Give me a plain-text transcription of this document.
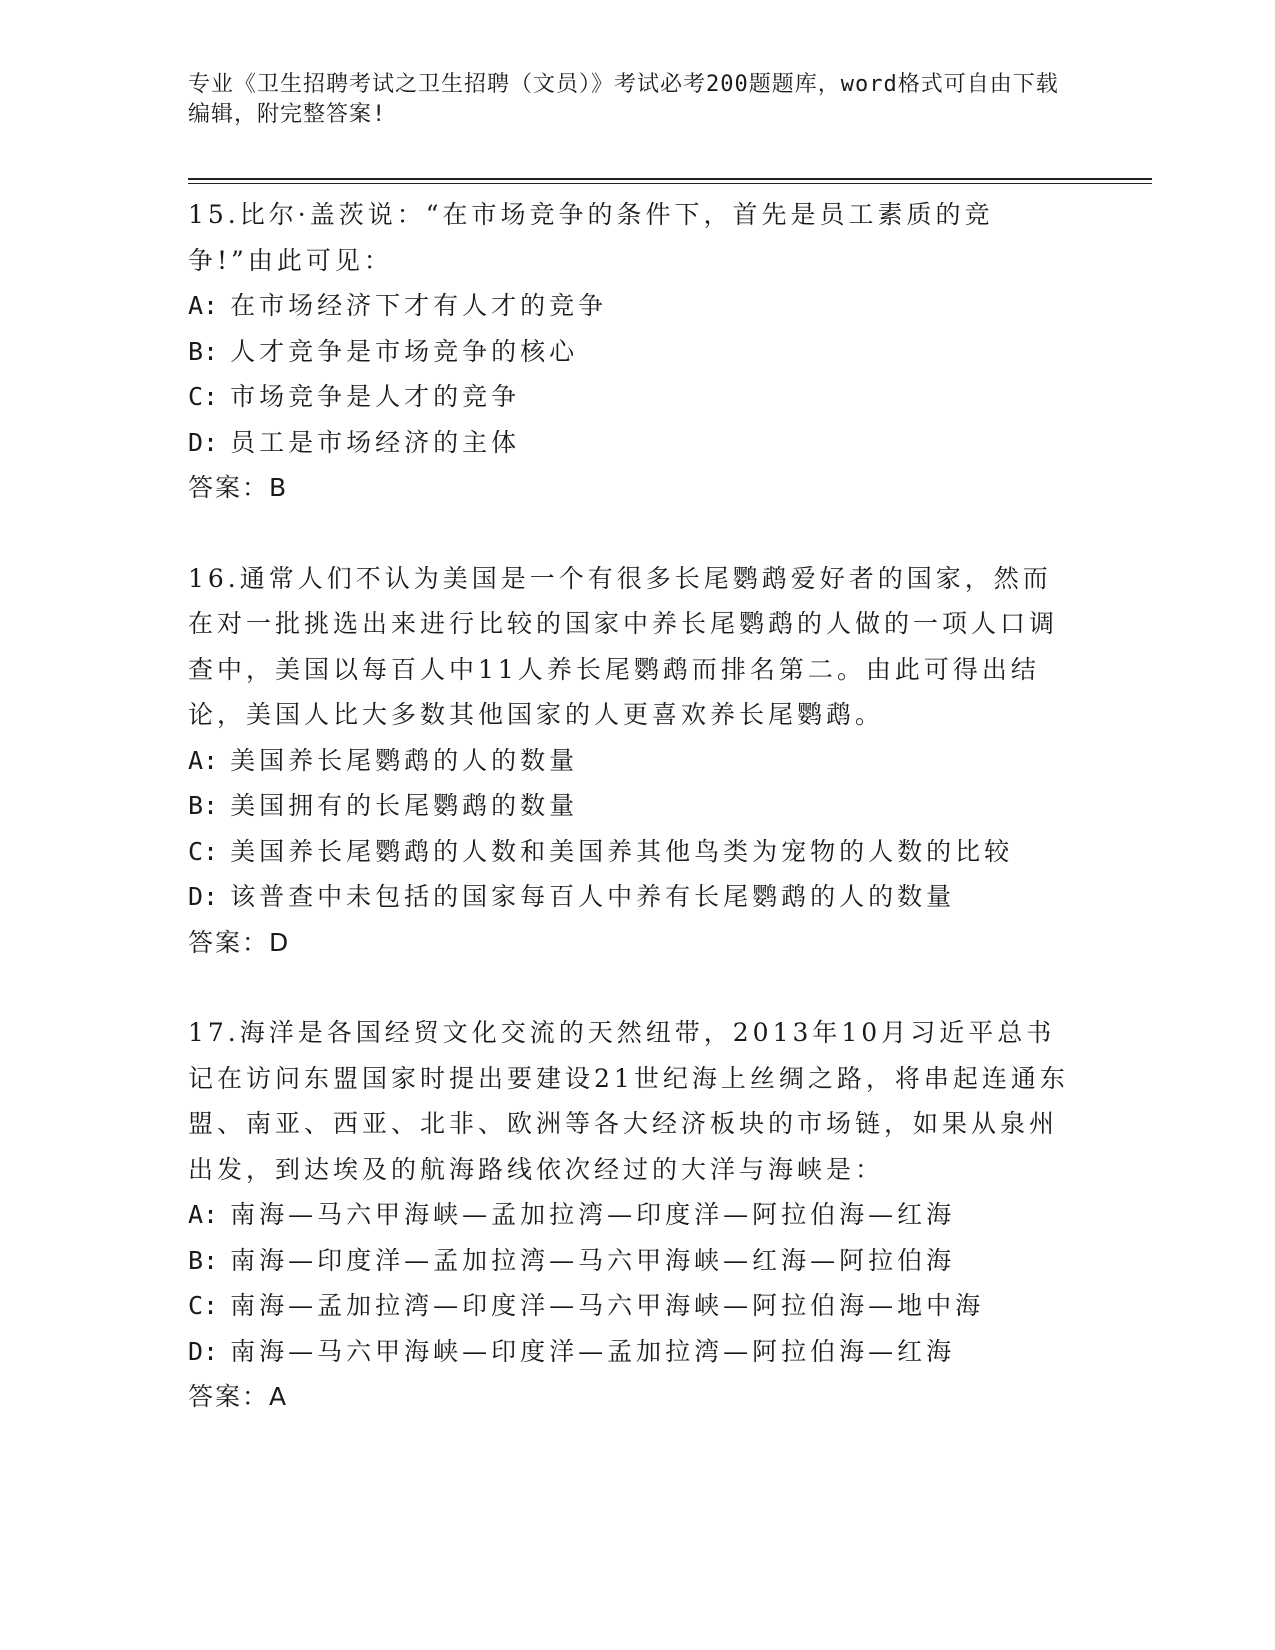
专业《卫生招聘考试之卫生招聘（文员）》考试必考200题题库，word格式可自由下载编辑，附完整答案!

15.比尔·盖茨说：“在市场竞争的条件下，首先是员工素质的竞争!”由此可见：

A: 在市场经济下才有人才的竞争

B: 人才竞争是市场竞争的核心

C: 市场竞争是人才的竞争

D: 员工是市场经济的主体

答案：B

16.通常人们不认为美国是一个有很多长尾鹦鹉爱好者的国家，然而在对一批挑选出来进行比较的国家中养长尾鹦鹉的人做的一项人口调查中，美国以每百人中11人养长尾鹦鹉而排名第二。由此可得出结论，美国人比大多数其他国家的人更喜欢养长尾鹦鹉。

A: 美国养长尾鹦鹉的人的数量

B: 美国拥有的长尾鹦鹉的数量

C: 美国养长尾鹦鹉的人数和美国养其他鸟类为宠物的人数的比较

D: 该普查中未包括的国家每百人中养有长尾鹦鹉的人的数量

答案：D

17.海洋是各国经贸文化交流的天然纽带，2013年10月习近平总书记在访问东盟国家时提出要建设21世纪海上丝绸之路，将串起连通东盟、南亚、西亚、北非、欧洲等各大经济板块的市场链，如果从泉州出发，到达埃及的航海路线依次经过的大洋与海峡是：

A: 南海—马六甲海峡—孟加拉湾—印度洋—阿拉伯海—红海

B: 南海—印度洋—孟加拉湾—马六甲海峡—红海—阿拉伯海

C: 南海—孟加拉湾—印度洋—马六甲海峡—阿拉伯海—地中海

D: 南海—马六甲海峡—印度洋—孟加拉湾—阿拉伯海—红海

答案：A
